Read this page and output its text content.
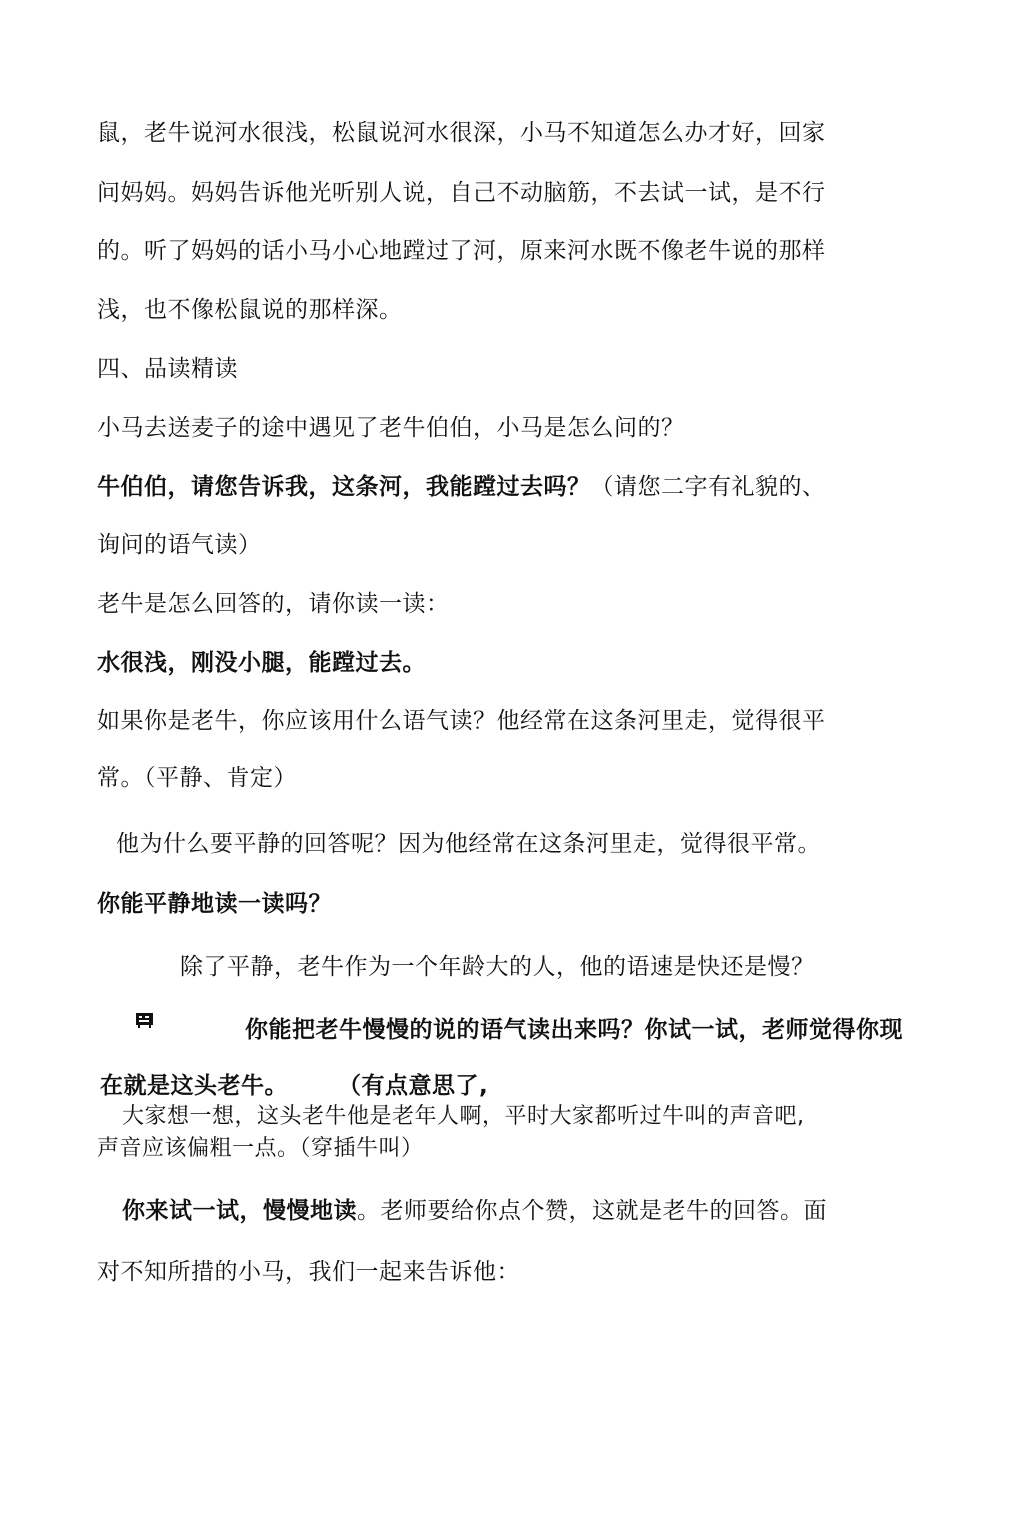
鼠，老牛说河水很浅，松鼠说河水很深，小马不知道怎么办才好，回家
问妈妈。妈妈告诉他光听别人说，自己不动脑筋，不去试一试，是不行
的。听了妈妈的话小马小心地蹚过了河，原来河水既不像老牛说的那样
浅，也不像松鼠说的那样深。
四、品读精读
小马去送麦子的途中遇见了老牛伯伯，小马是怎么问的？
牛伯伯，请您告诉我，这条河，我能蹚过去吗？（请您二字有礼貌的、
询问的语气读）
老牛是怎么回答的，请你读一读：
水很浅，刚没小腿，能蹚过去。
如果你是老牛，你应该用什么语气读？他经常在这条河里走，觉得很平
常。（平静、肯定）
他为什么要平静的回答呢？因为他经常在这条河里走，觉得很平常。
你能平静地读一读吗？
除了平静，老牛作为一个年龄大的人，他的语速是快还是慢？
你能把老牛慢慢的说的语气读出来吗？你试一试，老师觉得你现
在就是这头老牛。 （有点意思了,
大家想一想，这头老牛他是老年人啊，平时大家都听过牛叫的声音吧,
声音应该偏粗一点。（穿插牛叫）
你来试一试，慢慢地读。老师要给你点个赞，这就是老牛的回答。面
对不知所措的小马，我们一起来告诉他：
